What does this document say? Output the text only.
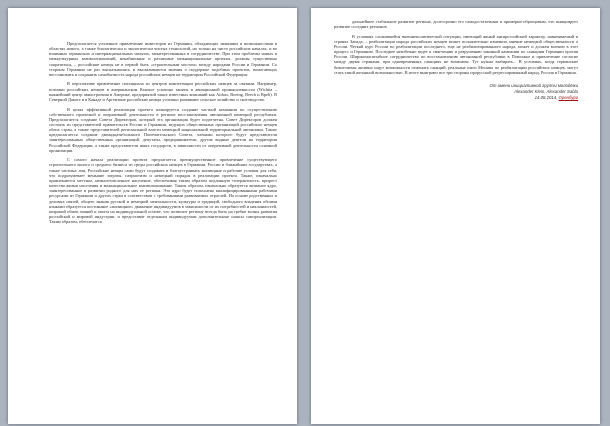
Предполагается усиленное привлечение инвесторов из Германии, обладающих знаниями и возможностями в областях нового, а также биологически и экологически чистых технологий, но только на чисто российских началах, и во взаимных германских и интернациональных началах, заинтересованных в сотрудничестве. При этом проблемы новых и межкультурных взаимоотношений, ненабженные и различные межнациональные проекты, должны существенно сократиться, – российские немцы не в первой быть «строительным мостом» между народами России и Германии. Со стороны Германии не раз высказывались и высказываются мнения о поддержке подобных проектов, помогающих восстановить и сохранить самобытность народа российских немцев на территории Российской Федерации.

В перспективе привлечение потенциала из центров компетенции российских немцев за связями. Например, потомки российских немцев в американском Канзасе успешно заняты в авиационной промышленности (Wichita – важнейший центр авиастроения в Америке, предприятий таких известных компаний как Airbus, Boeing, Beech и Bpeli). В Северной Дакоте и в Канаде и Аргентине российские немцы успешно развивают сельское хозяйство и скотоводство.

В целях эффективной реализации проекта планируется создание частной компании по осуществлению собственного проектной и оперативной деятельности в регионе восстановления автономной немецкой республики. Предполагается создание Совета Директоров, который эта организация будет подотчетна. Совет Директоров должен состоять из представителей правительств России и Германии, ведущих общественных организаций российских немцев обеих стран, а также представителей региональной власти немецкой национальной территориальной автономии. Также предполагается создание двенадцатибольшого Попечительского Совета, членами которого будут представители заинтересованных общественных организаций, депутаты, предприниматели, другие видные деятели на территории Российской Федерации, а также представители иных государств, в зависимости от оперативной деятельности основной организации.

С самого начала реализации проекта предлагается преимущественное привлечение существующего строительного малого и среднего бизнеса из среды российских немцев в Германии, России и ближайших государствах, а также частных лиц. Российские немцы сами будут создавать и благоустраивать жилищные и рабочие условия для себя, что подразумевает меньшие затраты, патриотизм и немецкий порядок в реализации проекта. Также, изначально привлекаются местное, немногочисленное население, обеспечивая таким образом подлинную толерантность, прирост качества жизни населения и межнациональное взаимопонимание. Таким образом, изначально образуется активное ядро, заинтересованное в развитии родного для них ее региона. Это ядро будет пополнено квалифицированными рабочими ресурсами из Германии и других стран в соответствии с требованиями развиваемых отраслей. На основе родственных и деловых связей, общего знания русской и немецкой ментальности, культуры и традиций, свободного владения обоими языками образуется постоянное «жилищное» движение индивидуумов в зависимости от их потребностей и наклонностей, широкий обмен знаний и опыта на индивидуальной основе, что позволит региону всегда быть на гребне волны развития российской и мировой индустрии, и предоставит отдельным индивидуумам дополнительные шансы самореализации. Таким образом, обеспечится

дальнейшее стабильное развитие региона, долгосрочно его самодостаточным и примерно-образцовым, что инициирует развитие соседних регионов.

В условиях сложившейся внешнеполитической ситуации, имеющий явный антироссийский характер, навязываемый в странах Запада, – реабилитация народа российских немцев может положительно изменить мнение немецкой общественности о России. Четкий курс России по реабилитации последнего, еще не реабилитированного народа, может и должен воочию в этот процесс и Германию. Последнее неизбежно ведет к смягчению и разрушению законной кампании по санкциям Германии против России. Широкомасштабное сотрудничество по восстановлению автономной республики в Поволжье и привлечение согласие между двумя странами, при одновременных санкциях не возможен. Тут нужно выбирать... В условиях, когда германские бизнесмены активно ищут возможности отменить санкций, реальные шаги Москвы по реабилитации российских немцев, могут стать такой желанной возможностью. В итоге выиграют все три стороны прорусской регрессированный народ, Россия и Германия.

От имени инициативной группы молодёжи

Alexander Klein, Alexander Sabla

14.08.2014, Оренбург
